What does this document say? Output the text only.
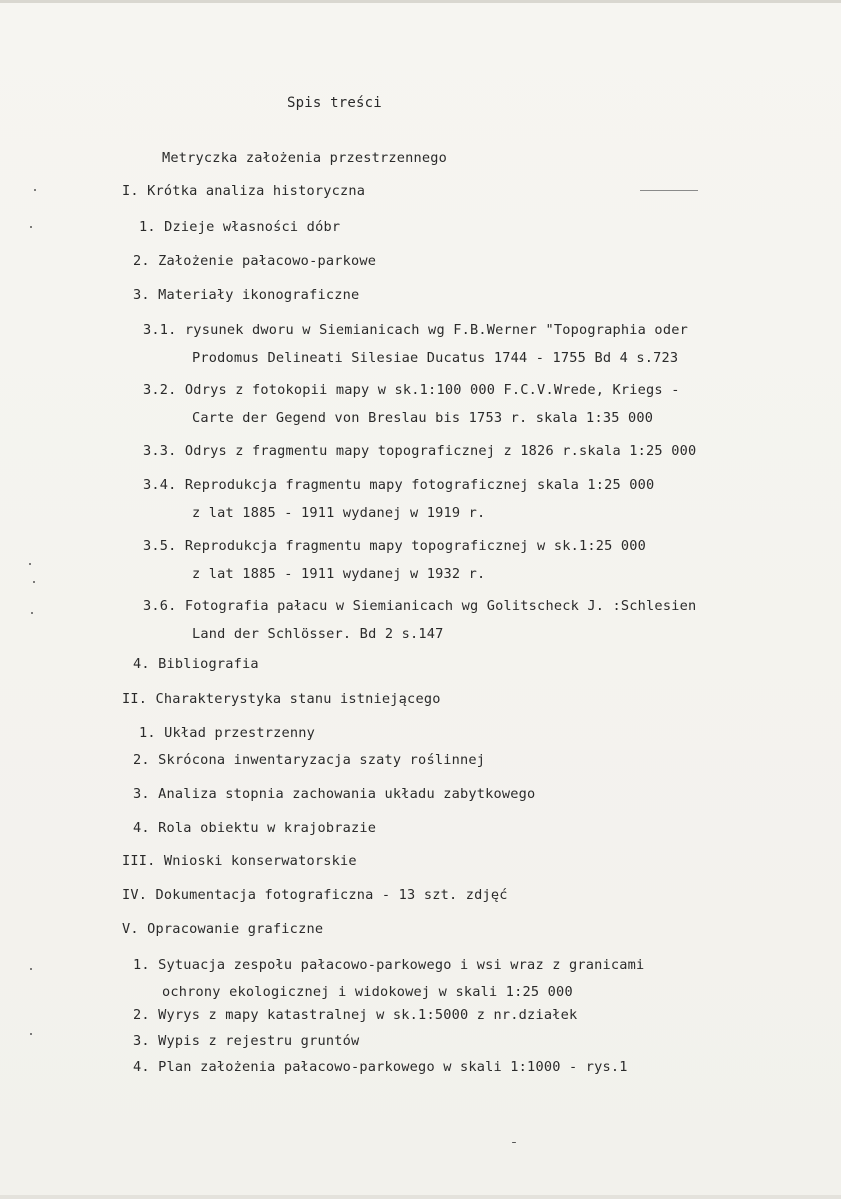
Spis treści
Metryczka założenia przestrzennego
I. Krótka analiza historyczna
1. Dzieje własności dóbr
2. Założenie pałacowo-parkowe
3. Materiały ikonograficzne
3.1. rysunek dworu w Siemianicach wg F.B.Werner "Topographia oder
Prodomus Delineati Silesiae Ducatus 1744 - 1755 Bd 4 s.723
3.2. Odrys z fotokopii mapy w sk.1:100 000 F.C.V.Wrede, Kriegs -
Carte der Gegend von Breslau bis 1753 r. skala 1:35 000
3.3. Odrys z fragmentu mapy topograficznej z 1826 r.skala 1:25 000
3.4. Reprodukcja fragmentu mapy fotograficznej skala 1:25 000
z lat 1885 - 1911 wydanej w 1919 r.
3.5. Reprodukcja fragmentu mapy topograficznej w sk.1:25 000
z lat 1885 - 1911 wydanej w 1932 r.
3.6. Fotografia pałacu w Siemianicach wg Golitscheck J. :Schlesien
Land der Schlösser. Bd 2 s.147
4. Bibliografia
II. Charakterystyka stanu istniejącego
1. Układ przestrzenny
2. Skrócona inwentaryzacja szaty roślinnej
3. Analiza stopnia zachowania układu zabytkowego
4. Rola obiektu w krajobrazie
III. Wnioski konserwatorskie
IV. Dokumentacja fotograficzna - 13 szt. zdjęć
V. Opracowanie graficzne
1. Sytuacja zespołu pałacowo-parkowego i wsi wraz z granicami
ochrony ekologicznej i widokowej w skali 1:25 000
2. Wyrys z mapy katastralnej w sk.1:5000 z nr.działek
3. Wypis z rejestru gruntów
4. Plan założenia pałacowo-parkowego w skali 1:1000 - rys.1
